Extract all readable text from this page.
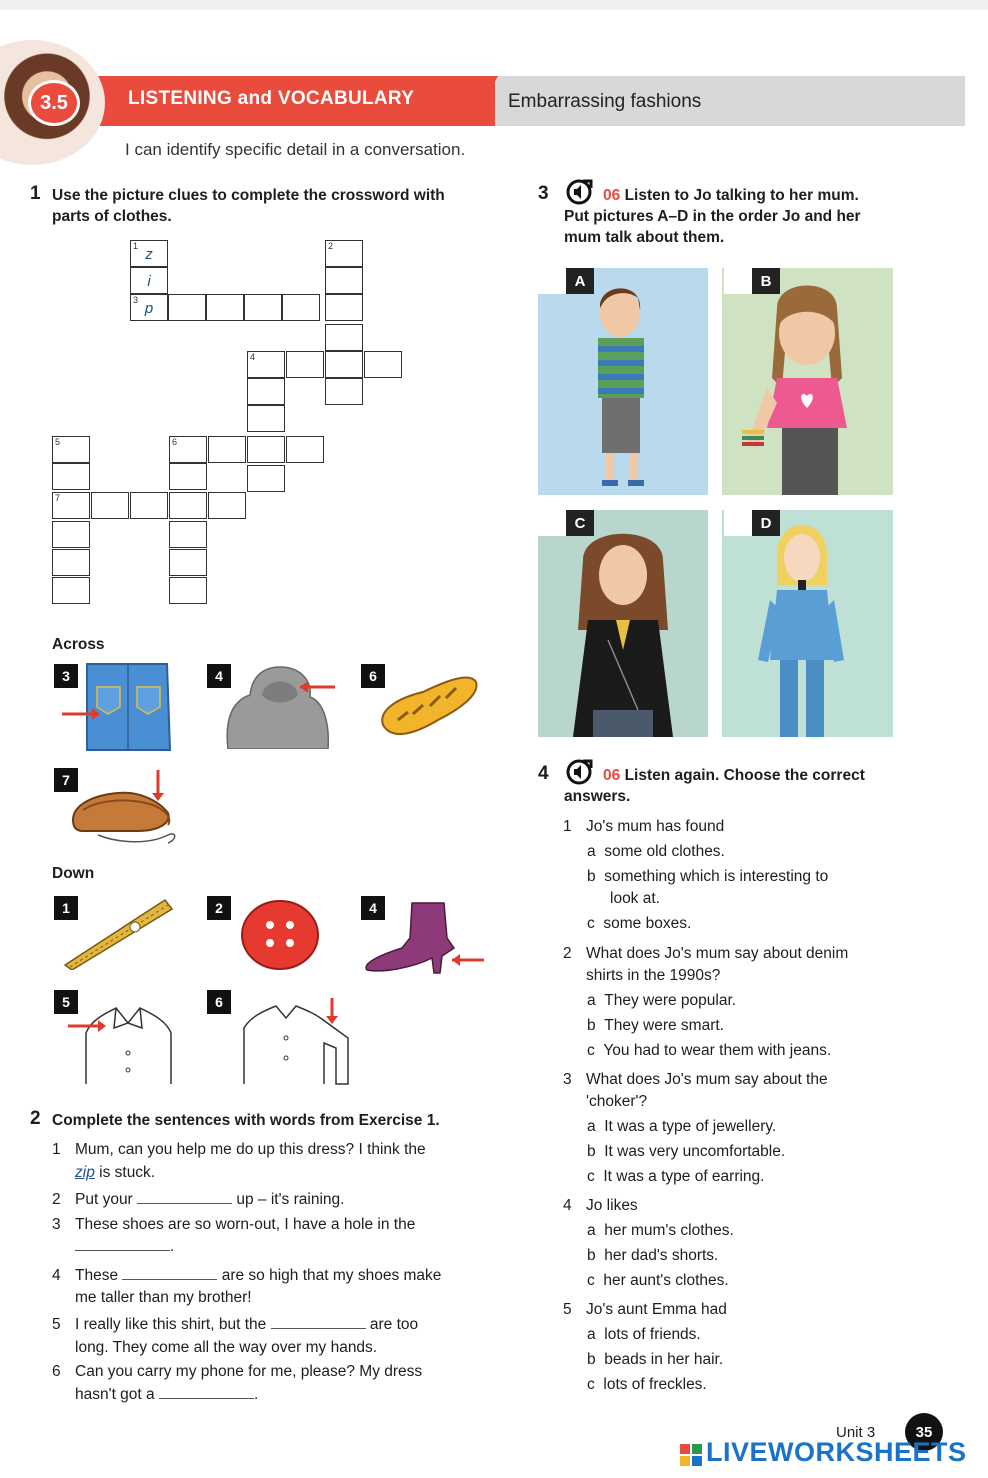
3.5	LISTENING and VOCABULARY	Embarrassing fashions
I can identify specific detail in a conversation.
1 Use the picture clues to complete the crossword with
parts of clothes.
1 z
i
3 p
2
4
6
5
7
Across
3	4	6
7
Down
1	2	4
5	6
2 Complete the sentences with words from Exercise 1.
1 Mum, can you help me do up this dress? I think the
zip is stuck.
2 Put your	up – it's raining.
3 These shoes are so worn-out, I have a hole in the
.
4 These	are so high that my shoes make
me taller than my brother!
5 I really like this shirt, but the	are too
long. They come all the way over my hands.
6 Can you carry my phone for me, please? My dress
hasn't got a	.
3	06 Listen to Jo talking to her mum.
Put pictures A–D in the order Jo and her
mum talk about them.
A	B
C	D
4	06 Listen again. Choose the correct
answers.
1 Jo's mum has found
a some old clothes.
b something which is interesting to
look at.
c some boxes.
2 What does Jo's mum say about denim
shirts in the 1990s?
a They were popular.
b They were smart.
c You had to wear them with jeans.
3 What does Jo's mum say about the
'choker'?
a It was a type of jewellery.
b It was very uncomfortable.
c It was a type of earring.
4 Jo likes
a her mum's clothes.
b her dad's shorts.
c her aunt's clothes.
5 Jo's aunt Emma had
a lots of friends.
b beads in her hair.
c lots of freckles.
Unit 3	35
LIVEWORKSHEETS
